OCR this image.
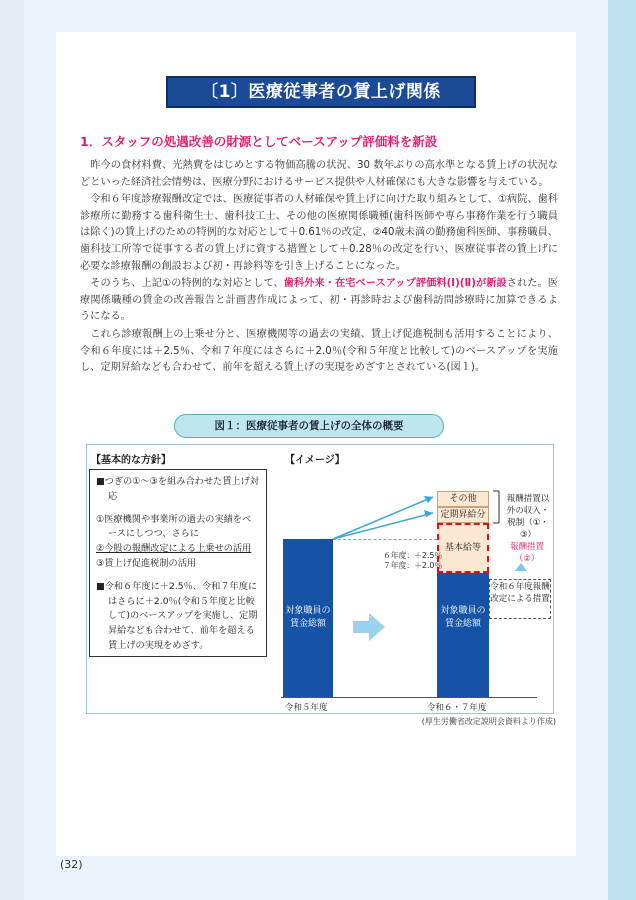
〔1〕医療従事者の賃上げ関係
1．スタッフの処遇改善の財源としてベースアップ評価料を新設

昨今の食材料費、光熱費をはじめとする物価高騰の状況、30 数年ぶりの高水準となる賃上げの状況などといった経済社会情勢は、医療分野におけるサービス提供や人材確保にも大きな影響を与えている。

令和６年度診療報酬改定では、医療従事者の人材確保や賃上げに向けた取り組みとして、①病院、歯科診療所に勤務する歯科衛生士、歯科技工士、その他の医療関係職種(歯科医師や専ら事務作業を行う職員は除く)の賃上げのための特例的な対応として＋0.61％の改定、②40歳未満の勤務歯科医師、事務職員、歯科技工所等で従事する者の賃上げに資する措置として＋0.28％の改定を行い、医療従事者の賃上げに必要な診療報酬の創設および初・再診料等を引き上げることになった。

そのうち、上記①の特例的な対応として、歯科外来・在宅ベースアップ評価料(Ⅰ)(Ⅱ)が新設された。医療関係職種の賃金の改善報告と計画書作成によって、初・再診時および歯科訪問診療時に加算できるようになる。

これら診療報酬上の上乗せ分と、医療機関等の過去の実績、賃上げ促進税制も活用することにより、令和６年度には＋2.5％、令和７年度にはさらに＋2.0％(令和５年度と比較して)のベースアップを実施し、定期昇給なども合わせて、前年を超える賃上げの実現をめざすとされている(図１)。

図１：医療従事者の賃上げの全体の概要
【基本的な方針】

■つぎの①～③を組み合わせた賃上げ対応

①医療機関や事業所の過去の実績をベースにしつつ、さらに

②今般の報酬改定による上乗せの活用

③賃上げ促進税制の活用

■令和６年度に＋2.5％、令和７年度にはさらに＋2.0％(令和５年度と比較して)のベースアップを実施し、定期昇給なども合わせて、前年を超える賃上げの実現をめざす。

【イメージ】
対象職員の賃金総額
対象職員の賃金総額
その他
定期昇給分
基本給等
６年度：＋2.5％
７年度：＋2.0％
報酬措置以外の収入・税制（①・③）
報酬措置（②）
令和６年度報酬改定による措置
令和５年度	令和６・７年度
(厚生労働省改定説明会資料より作成)
(32)
